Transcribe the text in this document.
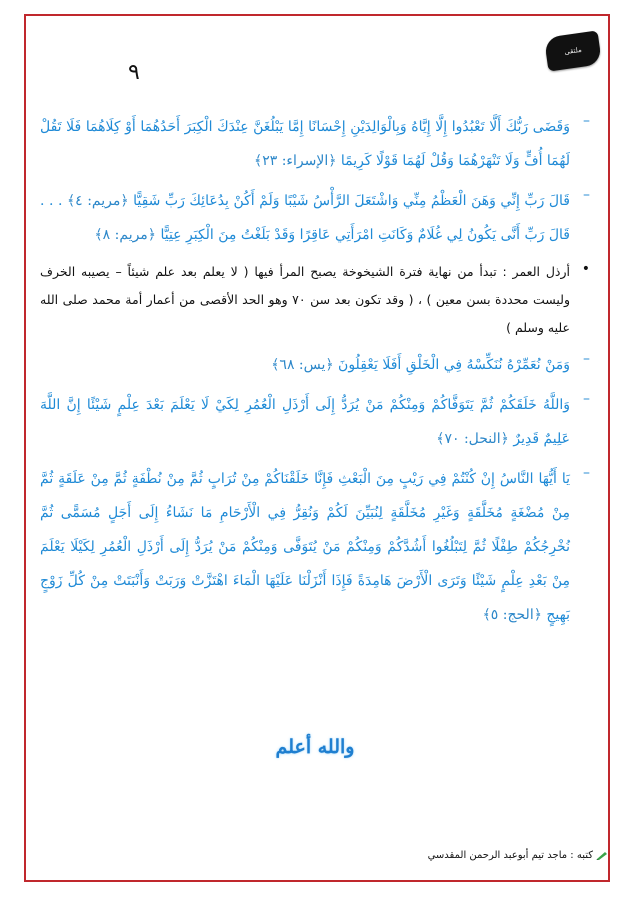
ملتقى
٩
–
وَقَضَى رَبُّكَ أَلَّا تَعْبُدُوا إِلَّا إِيَّاهُ وَبِالْوَالِدَيْنِ إِحْسَانًا إِمَّا يَبْلُغَنَّ عِنْدَكَ الْكِبَرَ أَحَدُهُمَا أَوْ كِلَاهُمَا فَلَا تَقُلْ لَهُمَا أُفٍّ وَلَا تَنْهَرْهُمَا وَقُلْ لَهُمَا قَوْلًا كَرِيمًا ﴿الإسراء: ٢٣﴾
–
قَالَ رَبِّ إِنِّي وَهَنَ الْعَظْمُ مِنِّي وَاشْتَعَلَ الرَّأْسُ شَيْبًا وَلَمْ أَكُنْ بِدُعَائِكَ رَبِّ شَقِيًّا ﴿مريم: ٤﴾ . . . قَالَ رَبِّ أَنَّى يَكُونُ لِي غُلَامٌ وَكَانَتِ امْرَأَتِي عَاقِرًا وَقَدْ بَلَغْتُ مِنَ الْكِبَرِ عِتِيًّا ﴿مريم: ٨﴾
•
أرذل العمر : تبدأ من نهاية فترة الشيخوخة يصبح المرأ فيها ( لا يعلم بعد علم شيئاً – يصيبه الخرف وليست محددة بسن معين ) ، ( وقد تكون بعد سن ٧٠ وهو الحد الأقصى من أعمار أمة محمد صلى الله عليه وسلم )
–
وَمَنْ نُعَمِّرْهُ نُنَكِّسْهُ فِي الْخَلْقِ أَفَلَا يَعْقِلُونَ ﴿يس: ٦٨﴾
–
وَاللَّهُ خَلَقَكُمْ ثُمَّ يَتَوَفَّاكُمْ وَمِنْكُمْ مَنْ يُرَدُّ إِلَى أَرْذَلِ الْعُمُرِ لِكَيْ لَا يَعْلَمَ بَعْدَ عِلْمٍ شَيْئًا إِنَّ اللَّهَ عَلِيمٌ قَدِيرٌ ﴿النحل: ٧٠﴾
–
يَا أَيُّهَا النَّاسُ إِنْ كُنْتُمْ فِي رَيْبٍ مِنَ الْبَعْثِ فَإِنَّا خَلَقْنَاكُمْ مِنْ تُرَابٍ ثُمَّ مِنْ نُطْفَةٍ ثُمَّ مِنْ عَلَقَةٍ ثُمَّ مِنْ مُضْغَةٍ مُخَلَّقَةٍ وَغَيْرِ مُخَلَّقَةٍ لِنُبَيِّنَ لَكُمْ وَنُقِرُّ فِي الْأَرْحَامِ مَا نَشَاءُ إِلَى أَجَلٍ مُسَمًّى ثُمَّ نُخْرِجُكُمْ طِفْلًا ثُمَّ لِتَبْلُغُوا أَشُدَّكُمْ وَمِنْكُمْ مَنْ يُتَوَفَّى وَمِنْكُمْ مَنْ يُرَدُّ إِلَى أَرْذَلِ الْعُمُرِ لِكَيْلَا يَعْلَمَ مِنْ بَعْدِ عِلْمٍ شَيْئًا وَتَرَى الْأَرْضَ هَامِدَةً فَإِذَا أَنْزَلْنَا عَلَيْهَا الْمَاءَ اهْتَزَّتْ وَرَبَتْ وَأَنْبَتَتْ مِنْ كُلِّ زَوْجٍ بَهِيجٍ ﴿الحج: ٥﴾
والله أعلم
كتبه : ماجد تيم أبوعبد الرحمن المقدسي
